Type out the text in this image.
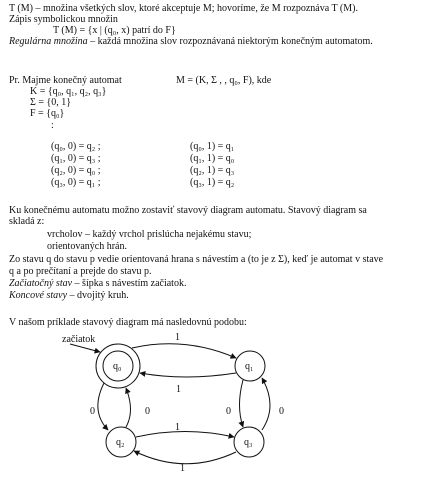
T (M) – množina všetkých slov, ktoré akceptuje M; hovoríme, že M rozpoznáva T (M).
Zápis symbolickou množin
T (M) = {x | (q₀, x) patrí do F}
Regulárna množina – každá množina slov rozpoznávaná niektorým konečným automatom.
Pr. Majme konečný automat	M = (K, Σ , , q₀, F), kde
K = {q₀, q₁, q₂, q₃}
Σ = {0, 1}
F = {q₀}
:
(q₀, 0) = q₂ ;	(q₀, 1) = q₁
(q₁, 0) = q₃ ;	(q₁, 1) = q₀
(q₂, 0) = q₀ ;	(q₂, 1) = q₃
(q₃, 0) = q₁ ;	(q₃, 1) = q₂
Ku konečnému automatu možno zostaviť stavový diagram automatu. Stavový diagram sa
skladá z:
vrcholov – každý vrchol prislúcha nejakému stavu;
orientovaných hrán.
Zo stavu q do stavu p vedie orientovaná hrana s návestím a (to je z Σ), keď je automat v stave
q a po prečítaní a prejde do stavu p.
Začiatočný stav – šípka s návestím začiatok.
Koncové stavy – dvojitý kruh.
V našom príklade stavový diagram má nasledovnú podobu:
začiatok
q₀	q₁
q₂	q₃
1
1
0	0
1
1
0	0
